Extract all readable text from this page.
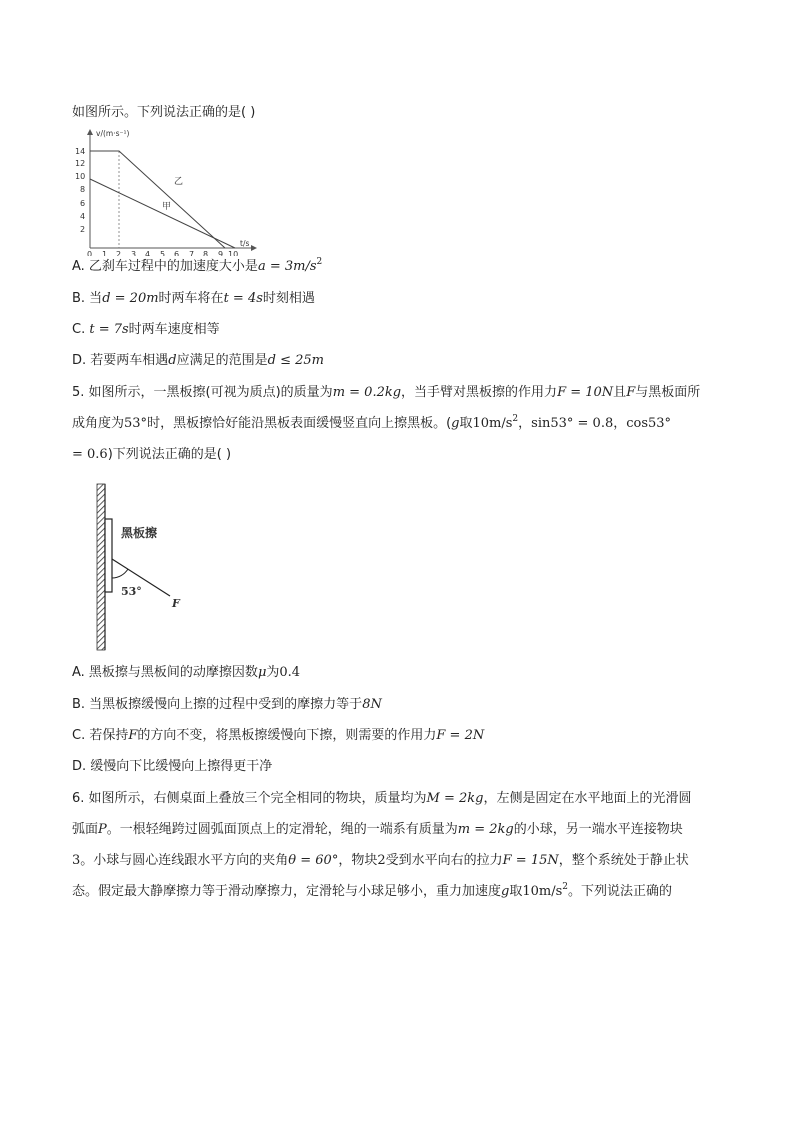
如图所示。下列说法正确的是( )
v/(m·s⁻¹)
t/s
14
12
10
8
6
4
2
0 1 2 3 4 5 6 7 8 9 10
乙
甲
A. 乙刹车过程中的加速度大小是$a = 3m/s^2$
B. 当d = 20m时两车将在t = 4s时刻相遇
C. t = 7s时两车速度相等
D. 若要两车相遇d应满足的范围是d ≤ 25m
5. 如图所示，一黑板擦(可视为质点)的质量为m = 0.2kg，当手臂对黑板擦的作用力F = 10N且F与黑板面所
成角度为53°时，黑板擦恰好能沿黑板表面缓慢竖直向上擦黑板。(g取$10m/s^2$，sin53° = 0.8，cos53°
= 0.6)下列说法正确的是( )
黑板擦
53°
F
A. 黑板擦与黑板间的动摩擦因数μ为0.4
B. 当黑板擦缓慢向上擦的过程中受到的摩擦力等于8N
C. 若保持F的方向不变，将黑板擦缓慢向下擦，则需要的作用力F = 2N
D. 缓慢向下比缓慢向上擦得更干净
6. 如图所示，右侧桌面上叠放三个完全相同的物块，质量均为M = 2kg，左侧是固定在水平地面上的光滑圆
弧面P。一根轻绳跨过圆弧面顶点上的定滑轮，绳的一端系有质量为m = 2kg的小球，另一端水平连接物块
3。小球与圆心连线跟水平方向的夹角θ = 60°，物块2受到水平向右的拉力F = 15N，整个系统处于静止状
态。假定最大静摩擦力等于滑动摩擦力，定滑轮与小球足够小，重力加速度g取$10m/s^2$。下列说法正确的
